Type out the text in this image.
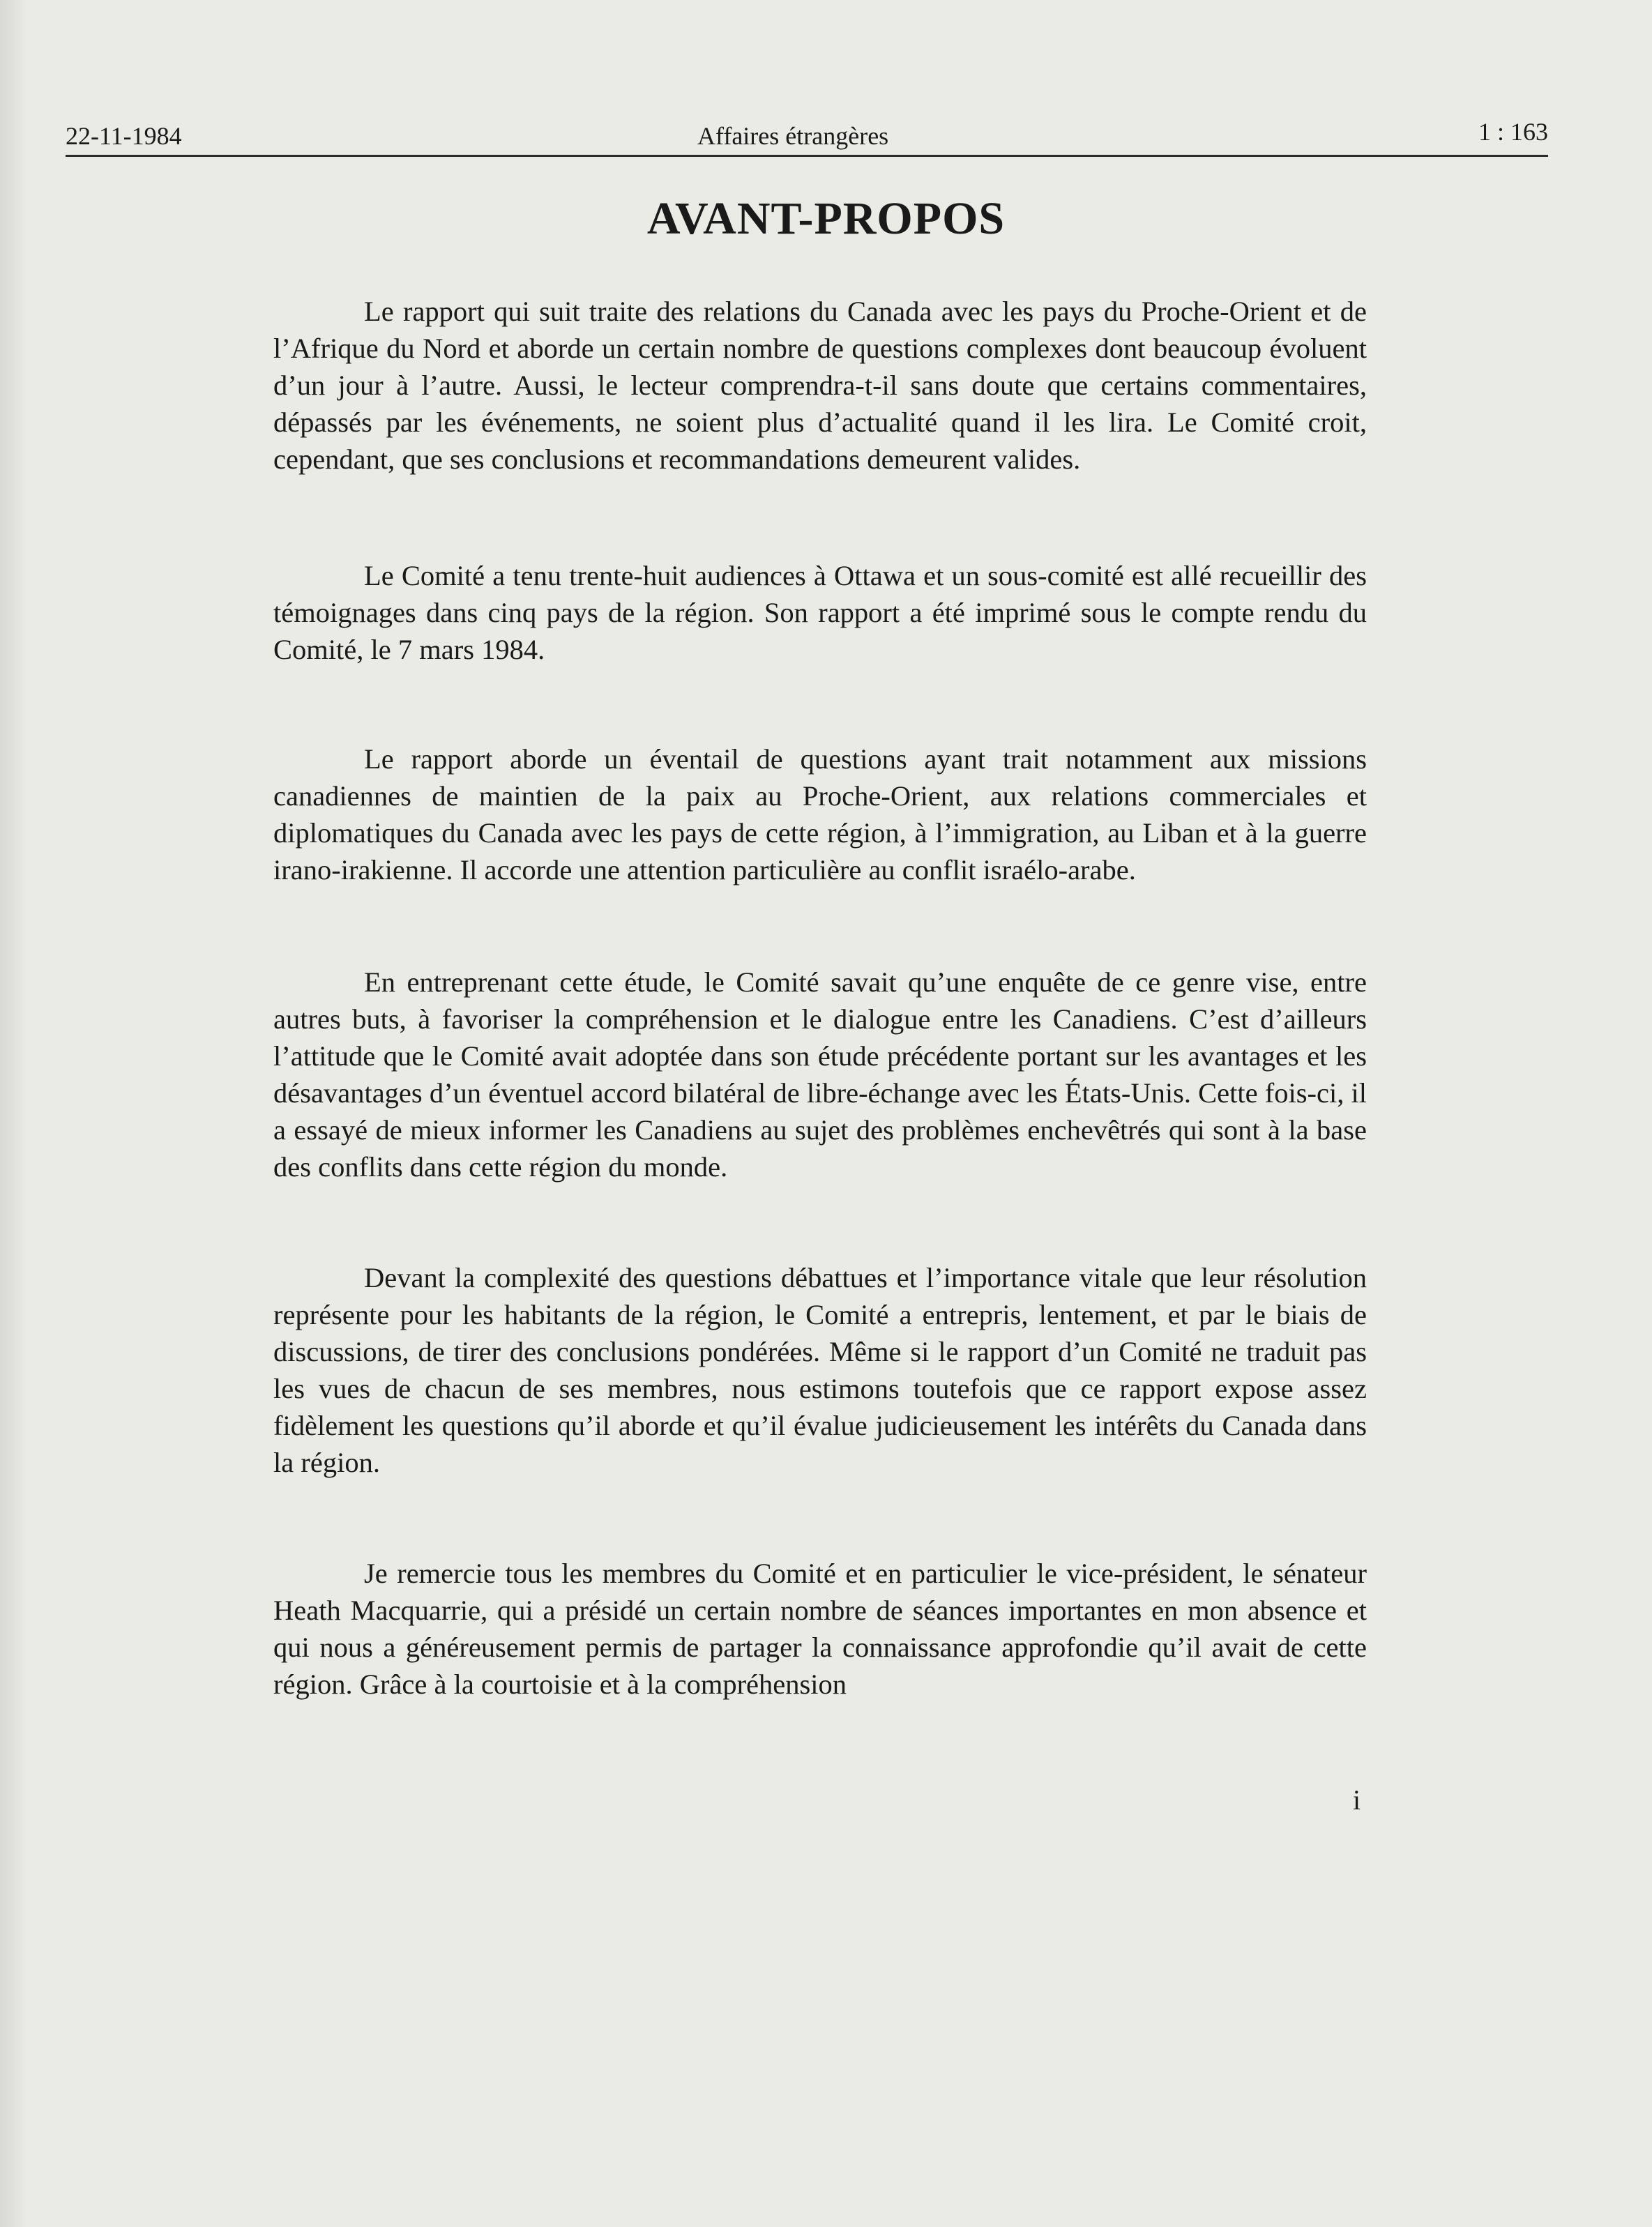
22-11-1984	Affaires étrangères	1 : 163
AVANT-PROPOS

Le rapport qui suit traite des relations du Canada avec les pays du Proche-Orient et de l’Afrique du Nord et aborde un certain nombre de questions complexes dont beaucoup évoluent d’un jour à l’autre. Aussi, le lecteur comprendra-t-il sans doute que certains commentaires, dépassés par les événements, ne soient plus d’actualité quand il les lira. Le Comité croit, cependant, que ses conclusions et recommandations demeurent valides.

Le Comité a tenu trente-huit audiences à Ottawa et un sous-comité est allé recueillir des témoignages dans cinq pays de la région. Son rapport a été imprimé sous le compte rendu du Comité, le 7 mars 1984.

Le rapport aborde un éventail de questions ayant trait notamment aux missions canadiennes de maintien de la paix au Proche-Orient, aux relations commerciales et diplomatiques du Canada avec les pays de cette région, à l’immigration, au Liban et à la guerre irano-irakienne. Il accorde une attention particulière au conflit israélo-arabe.

En entreprenant cette étude, le Comité savait qu’une enquête de ce genre vise, entre autres buts, à favoriser la compréhension et le dialogue entre les Canadiens. C’est d’ailleurs l’attitude que le Comité avait adoptée dans son étude précédente portant sur les avantages et les désavantages d’un éventuel accord bilatéral de libre-échange avec les États-Unis. Cette fois-ci, il a essayé de mieux informer les Canadiens au sujet des problèmes enchevêtrés qui sont à la base des conflits dans cette région du monde.

Devant la complexité des questions débattues et l’importance vitale que leur résolution représente pour les habitants de la région, le Comité a entrepris, lentement, et par le biais de discussions, de tirer des conclusions pondérées. Même si le rapport d’un Comité ne traduit pas les vues de chacun de ses membres, nous estimons toutefois que ce rapport expose assez fidèlement les questions qu’il aborde et qu’il évalue judicieusement les intérêts du Canada dans la région.

Je remercie tous les membres du Comité et en particulier le vice-président, le sénateur Heath Macquarrie, qui a présidé un certain nombre de séances importantes en mon absence et qui nous a généreusement permis de partager la connaissance approfondie qu’il avait de cette région. Grâce à la courtoisie et à la compréhension

i
